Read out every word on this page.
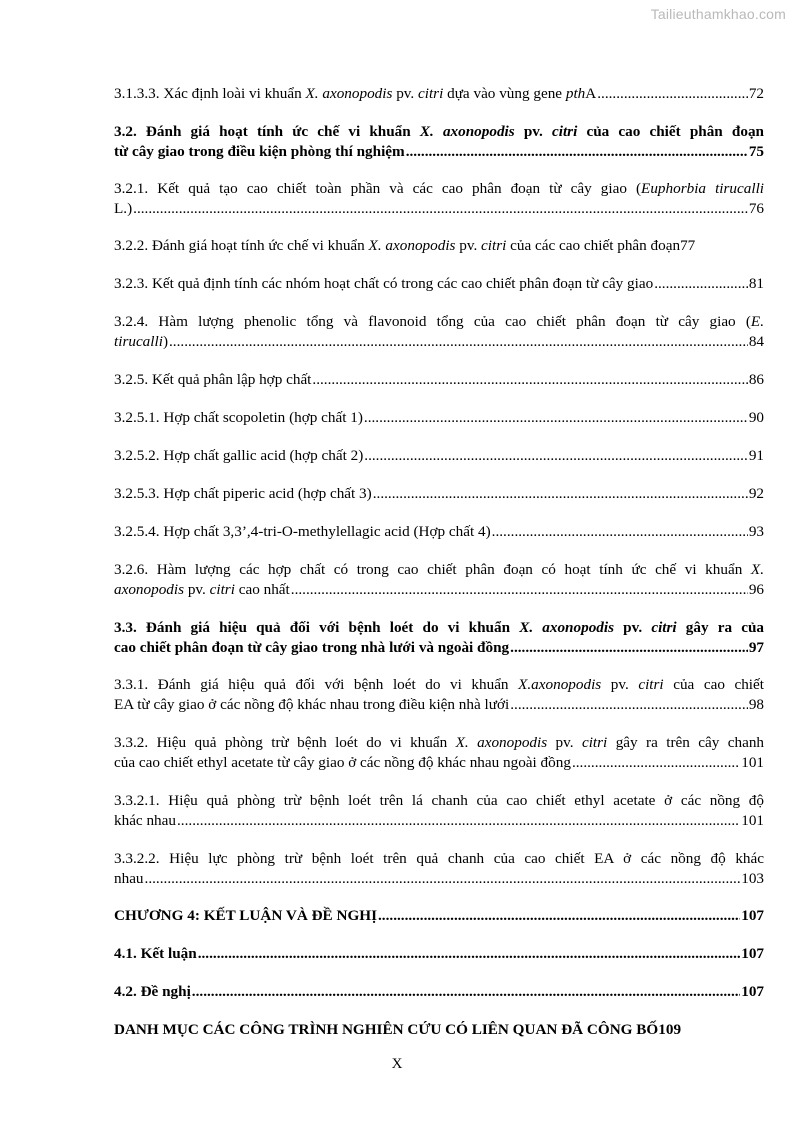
Tailieuthamkhao.com
3.1.3.3. Xác định loài vi khuẩn X. axonopodis pv. citri dựa vào vùng gene pthA .....	72
3.2. Đánh giá hoạt tính ức chế vi khuẩn X. axonopodis pv. citri của cao chiết phân đoạn
từ cây giao trong điều kiện phòng thí nghiệm .....	75
3.2.1. Kết quả tạo cao chiết toàn phần và các cao phân đoạn từ cây giao (Euphorbia tirucalli
L.) .....	76
3.2.2. Đánh giá hoạt tính ức chế vi khuẩn X. axonopodis pv. citri của các cao chiết phân đoạn 77
3.2.3. Kết quả định tính các nhóm hoạt chất có trong các cao chiết phân đoạn từ cây giao .....	81
3.2.4. Hàm lượng phenolic tổng và flavonoid tổng của cao chiết phân đoạn từ cây giao (E.
tirucalli) .....	84
3.2.5. Kết quả phân lập hợp chất .....	86
3.2.5.1. Hợp chất scopoletin (hợp chất 1) .....	90
3.2.5.2. Hợp chất gallic acid (hợp chất 2) .....	91
3.2.5.3. Hợp chất piperic acid (hợp chất 3) .....	92
3.2.5.4. Hợp chất 3,3’,4-tri-O-methylellagic acid (Hợp chất 4) .....	93
3.2.6. Hàm lượng các hợp chất có trong cao chiết phân đoạn có hoạt tính ức chế vi khuẩn X.
axonopodis pv. citri cao nhất .....	96
3.3. Đánh giá hiệu quả đối với bệnh loét do vi khuẩn X. axonopodis pv. citri gây ra của
cao chiết phân đoạn từ cây giao trong nhà lưới và ngoài đồng .....	97
3.3.1. Đánh giá hiệu quả đối với bệnh loét do vi khuẩn X.axonopodis pv. citri của cao chiết
EA từ cây giao ở các nồng độ khác nhau trong điều kiện nhà lưới .....	98
3.3.2. Hiệu quả phòng trừ bệnh loét do vi khuẩn X. axonopodis pv. citri gây ra trên cây chanh
của cao chiết ethyl acetate từ cây giao ở các nồng độ khác nhau ngoài đồng .....	101
3.3.2.1. Hiệu quả phòng trừ bệnh loét trên lá chanh của cao chiết ethyl acetate ở các nồng độ
khác nhau .....	101
3.3.2.2. Hiệu lực phòng trừ bệnh loét trên quả chanh của cao chiết EA ở các nồng độ khác
nhau .....	103
CHƯƠNG 4: KẾT LUẬN VÀ ĐỀ NGHỊ .....	107
4.1. Kết luận .....	107
4.2. Đề nghị .....	107
DANH MỤC CÁC CÔNG TRÌNH NGHIÊN CỨU CÓ LIÊN QUAN ĐÃ CÔNG BỐ 109
X
